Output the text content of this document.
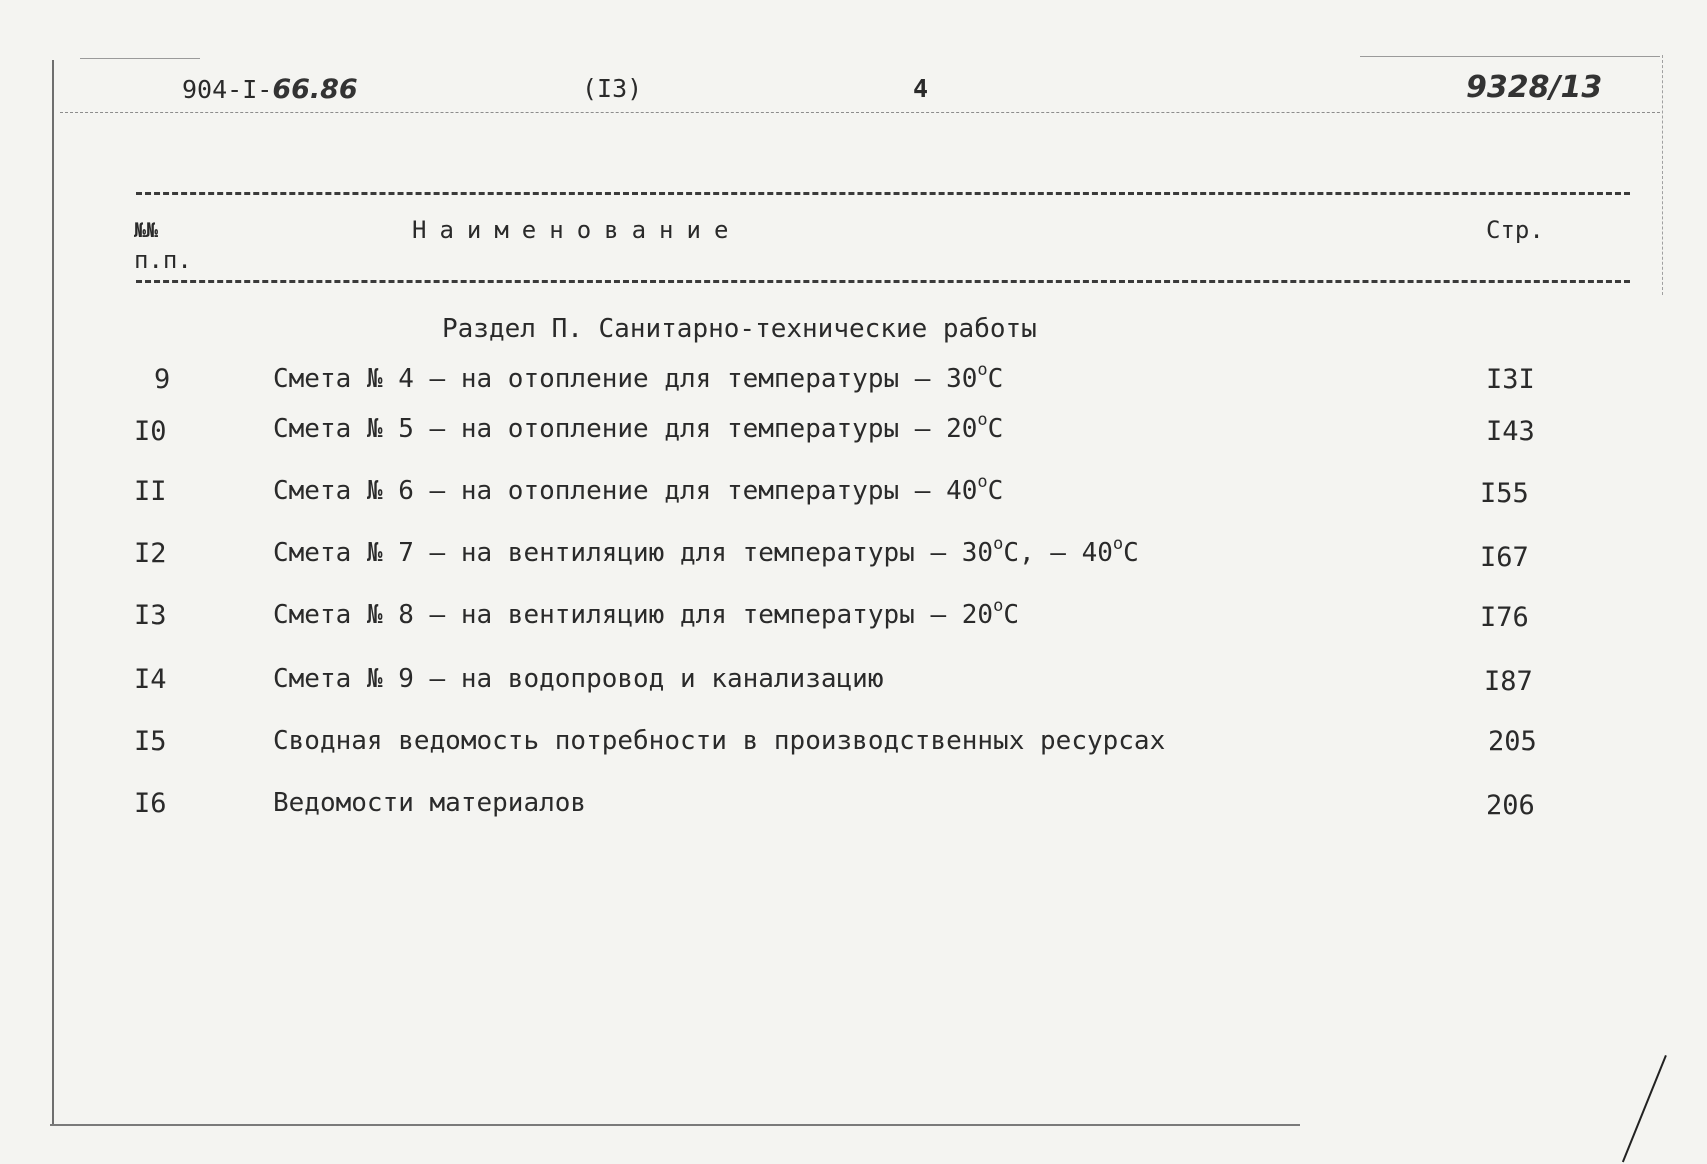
904-I-66.86	(I3)	4	9328/13
№№
п.п.
Наименование	Стр.
Раздел П. Санитарно-технические работы
9	Смета № 4 – на отопление для температуры – $30^оС$	I3I
I0	Смета № 5 – на отопление для температуры – $20^оС$	I43
II	Смета № 6 – на отопление для температуры – $40^оС$	I55
I2	Смета № 7 – на вентиляцию для температуры – $30^оС$, – $40^оС$	I67
I3	Смета № 8 – на вентиляцию для температуры – $20^оС$	I76
I4	Смета № 9 – на водопровод и канализацию	I87
I5	Сводная ведомость потребности в производственных ресурсах	205
I6	Ведомости материалов	206
